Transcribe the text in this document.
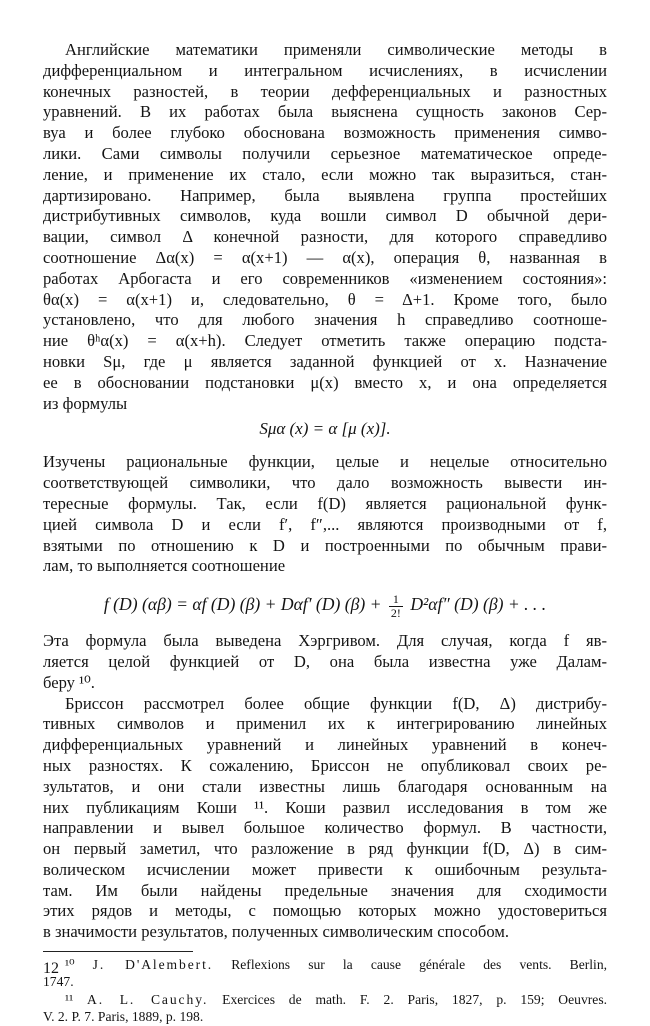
Английские математики применяли символические методы в
дифференциальном и интегральном исчислениях, в исчислении
конечных разностей, в теории дефференциальных и разностных
уравнений. В их работах была выяснена сущность законов Сер-
вуа и более глубоко обоснована возможность применения симво-
лики. Сами символы получили серьезное математическое опреде-
ление, и применение их стало, если можно так выразиться, стан-
дартизировано. Например, была выявлена группа простейших
дистрибутивных символов, куда вошли символ D обычной дери-
вации, символ Δ конечной разности, для которого справедливо
соотношение Δα(x) = α(x+1) — α(x), операция θ, названная в
работах Арбогаста и его современников «изменением состояния»:
θα(x) = α(x+1) и, следовательно, θ = Δ+1. Кроме того, было
установлено, что для любого значения h справедливо соотноше-
ние θʰα(x) = α(x+h). Следует отметить также операцию подста-
новки Sμ, где μ является заданной функцией от x. Назначение
ее в обосновании подстановки μ(x) вместо x, и она определяется
из формулы
Sμα (x) = α [μ (x)].
Изучены рациональные функции, целые и нецелые относительно
соответствующей символики, что дало возможность вывести ин-
тересные формулы. Так, если f(D) является рациональной функ-
цией символа D и если f′, f″,... являются производными от f,
взятыми по отношению к D и построенными по обычным прави-
лам, то выполняется соотношение
f (D) (αβ) = αf (D) (β) + Dαf′ (D) $(\beta) + \frac{1}{2!} D^2\alpha f''$ (D) (β) + . . .
Эта формула была выведена Хэргривом. Для случая, когда f яв-
ляется целой функцией от D, она была известна уже Далам-
беру ¹⁰.
Бриссон рассмотрел более общие функции f(D, Δ) дистрибу-
тивных символов и применил их к интегрированию линейных
дифференциальных уравнений и линейных уравнений в конеч-
ных разностях. К сожалению, Бриссон не опубликовал своих ре-
зультатов, и они стали известны лишь благодаря основанным на
них публикациям Коши ¹¹. Коши развил исследования в том же
направлении и вывел большое количество формул. В частности,
он первый заметил, что разложение в ряд функции f(D, Δ) в сим-
волическом исчислении может привести к ошибочным результа-
там. Им были найдены предельные значения для сходимости
этих рядов и методы, с помощью которых можно удостовериться
в значимости результатов, полученных символическим способом.
¹⁰ J. D'Alembert. Reflexions sur la cause générale des vents. Berlin,
1747.
¹¹ A. L. Cauchy. Exercices de math. F. 2. Paris, 1827, p. 159; Oeuvres.
V. 2. P. 7. Paris, 1889, p. 198.
12
